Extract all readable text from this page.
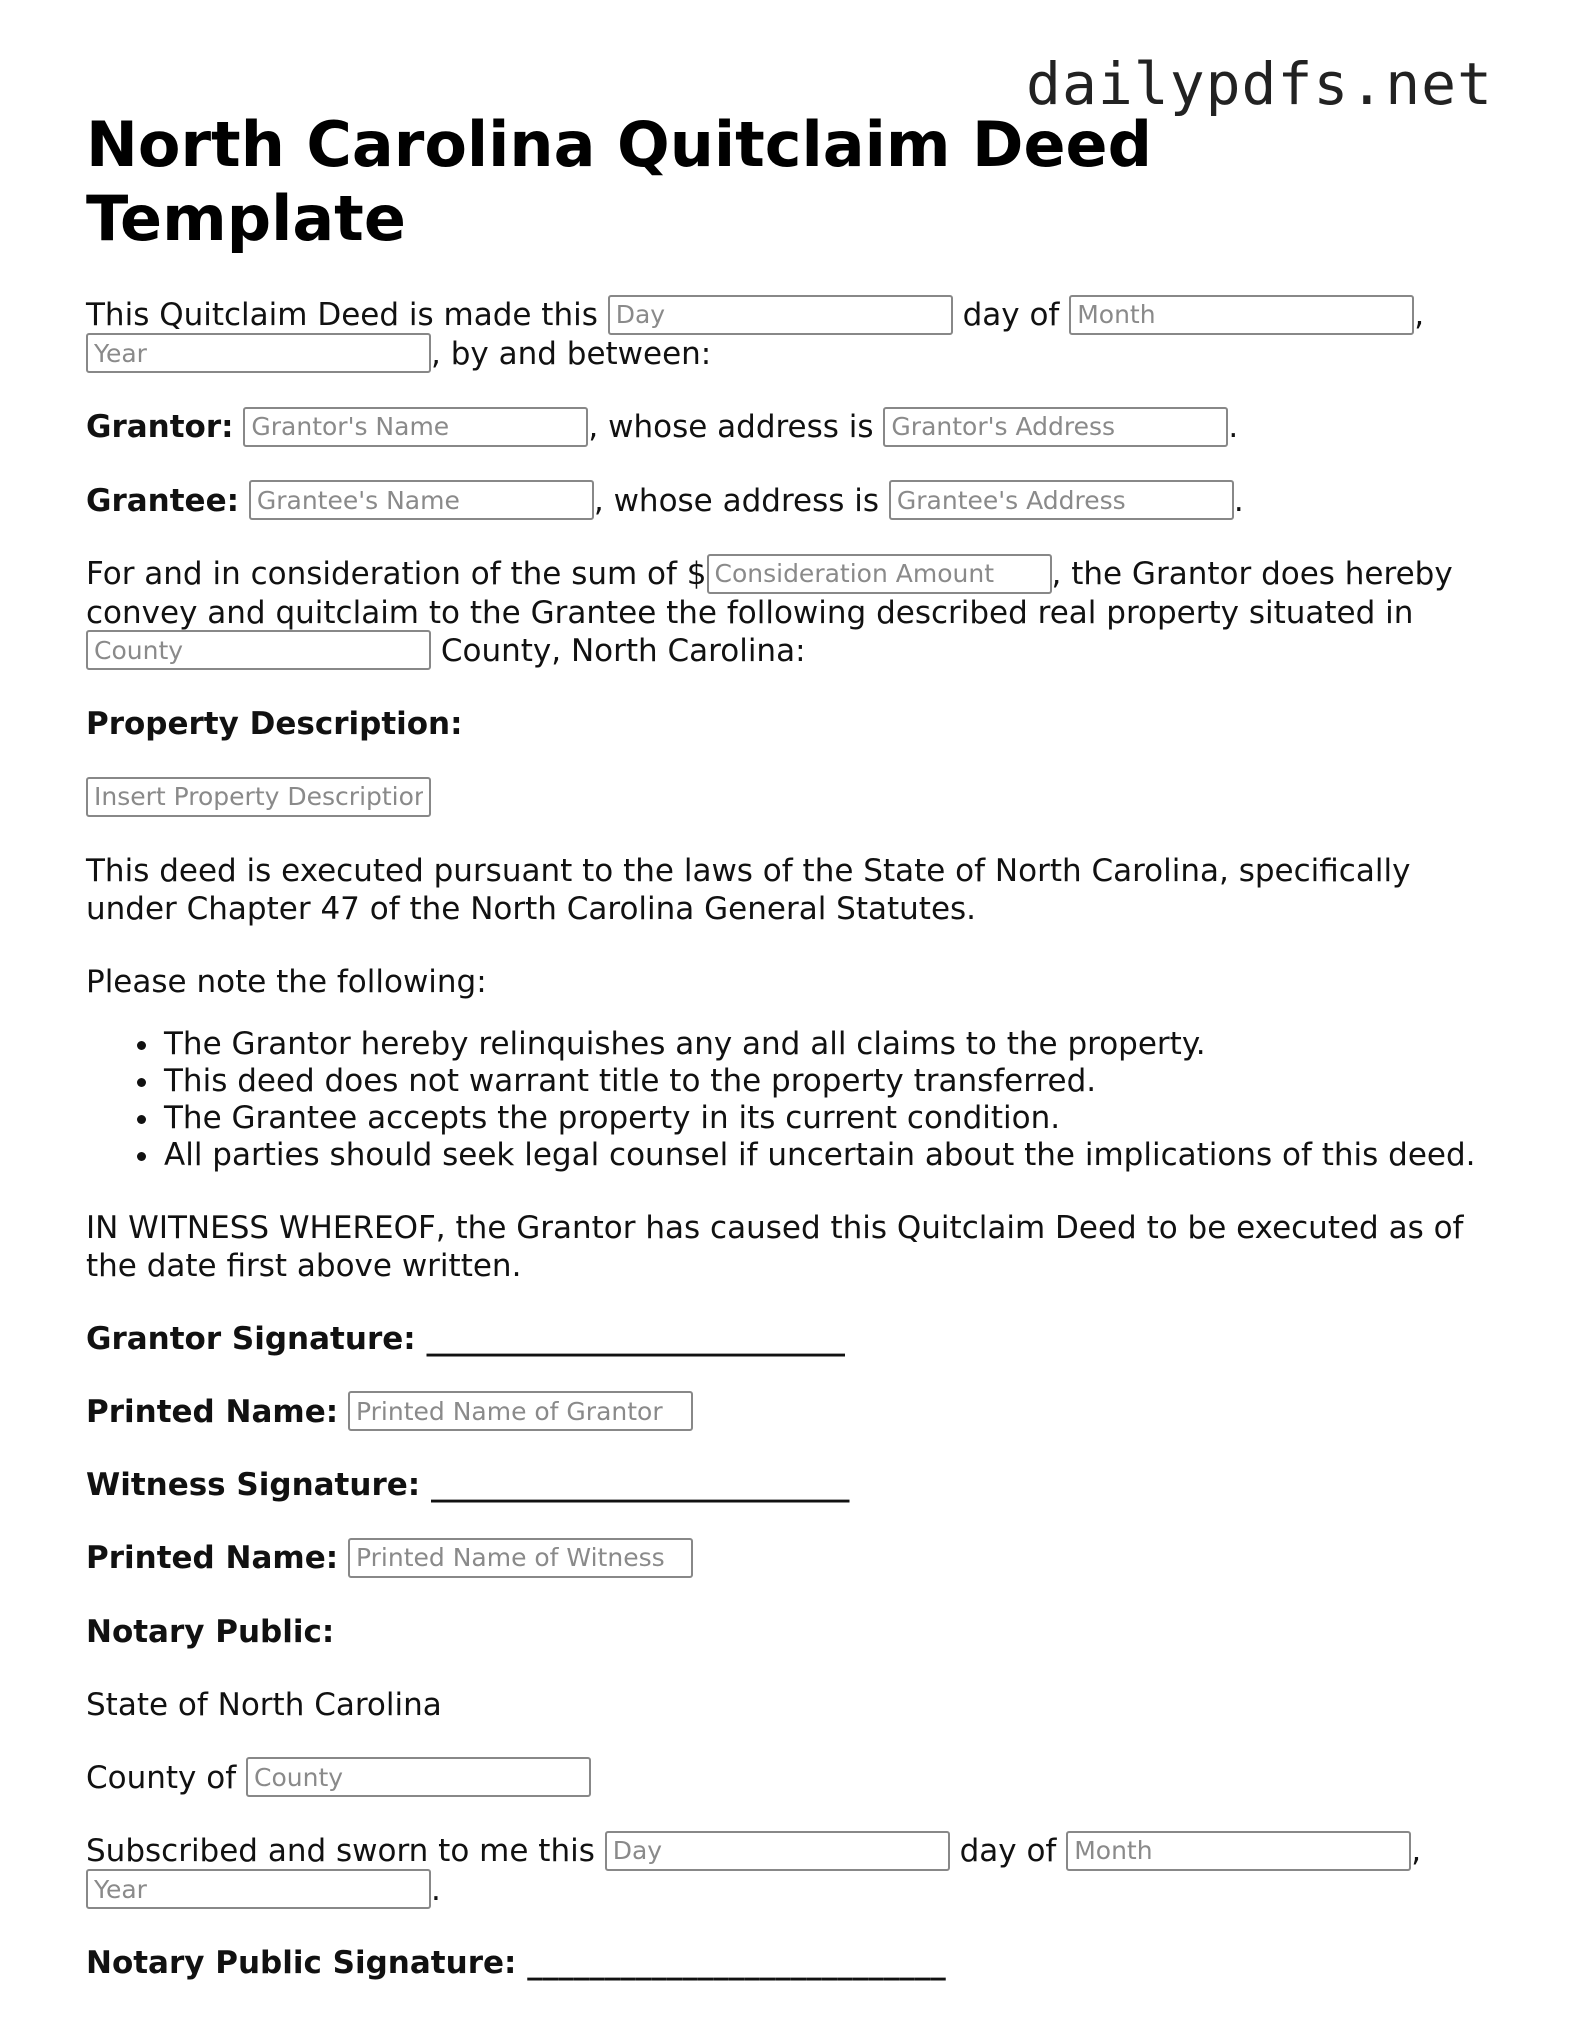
dailypdfs.net
North Carolina Quitclaim Deed Template

This Quitclaim Deed is made this Day	day of Month	,
Year, by and between:

Grantor: Grantor's Name	, whose address is Grantor's Address	.

Grantee: Grantee's Name	, whose address is Grantee's Address	.

For and in consideration of the sum of $Consideration Amount	, the Grantor does hereby convey and quitclaim to the Grantee the following described real property situated in County County, North Carolina:

Property Description:

Insert Property Description

This deed is executed pursuant to the laws of the State of North Carolina, specifically under Chapter 47 of the North Carolina General Statutes.

Please note the following:

• The Grantor hereby relinquishes any and all claims to the property.
• This deed does not warrant title to the property transferred.
• The Grantee accepts the property in its current condition.
• All parties should seek legal counsel if uncertain about the implications of this deed.

IN WITNESS WHEREOF, the Grantor has caused this Quitclaim Deed to be executed as of the date first above written.

Grantor Signature: ___________________________

Printed Name: Printed Name of Grantor

Witness Signature: ___________________________

Printed Name: Printed Name of Witness

Notary Public:

State of North Carolina

County of County

Subscribed and sworn to me this Day	day of Month	,
Year.

Notary Public Signature: ___________________________
